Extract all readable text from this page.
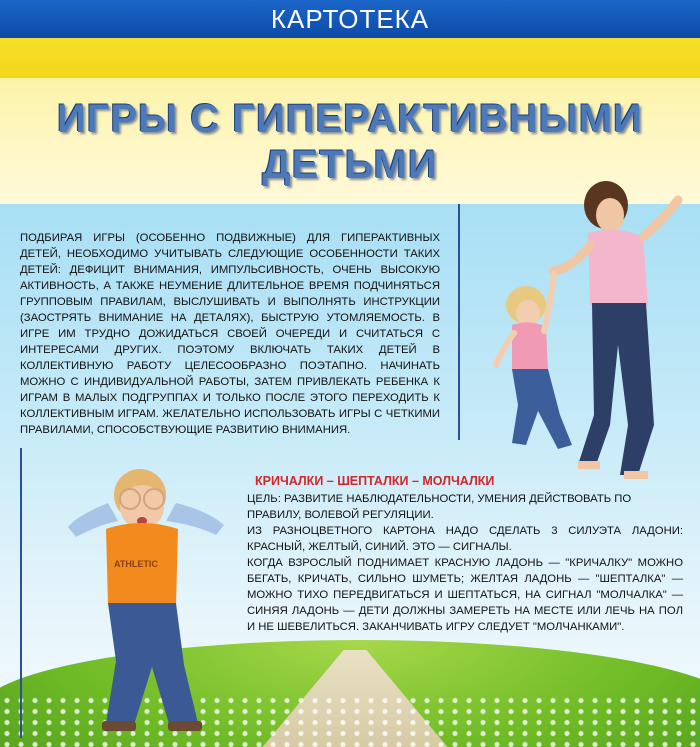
КАРТОТЕКА
ИГРЫ С ГИПЕРАКТИВНЫМИ
ДЕТЬМИ
ПОДБИРАЯ ИГРЫ (ОСОБЕННО ПОДВИЖНЫЕ) ДЛЯ ГИПЕРАКТИВНЫХ ДЕТЕЙ, НЕОБХОДИМО УЧИТЫВАТЬ СЛЕДУЮЩИЕ ОСОБЕННОСТИ ТАКИХ ДЕТЕЙ: ДЕФИЦИТ ВНИМАНИЯ, ИМПУЛЬСИВНОСТЬ, ОЧЕНЬ ВЫСОКУЮ АКТИВНОСТЬ, А ТАКЖЕ НЕУМЕНИЕ ДЛИТЕЛЬНОЕ ВРЕМЯ ПОДЧИНЯТЬСЯ ГРУППОВЫМ ПРАВИЛАМ, ВЫСЛУШИВАТЬ И ВЫПОЛНЯТЬ ИНСТРУКЦИИ (ЗАОСТРЯТЬ ВНИМАНИЕ НА ДЕТАЛЯХ), БЫСТРУЮ УТОМЛЯЕМОСТЬ. В ИГРЕ ИМ ТРУДНО ДОЖИДАТЬСЯ СВОЕЙ ОЧЕРЕДИ И СЧИТАТЬСЯ С ИНТЕРЕСАМИ ДРУГИХ. ПОЭТОМУ ВКЛЮЧАТЬ ТАКИХ ДЕТЕЙ В КОЛЛЕКТИВНУЮ РАБОТУ ЦЕЛЕСООБРАЗНО ПОЭТАПНО. НАЧИНАТЬ МОЖНО С ИНДИВИДУАЛЬНОЙ РАБОТЫ, ЗАТЕМ ПРИВЛЕКАТЬ РЕБЕНКА К ИГРАМ В МАЛЫХ ПОДГРУППАХ И ТОЛЬКО ПОСЛЕ ЭТОГО ПЕРЕХОДИТЬ К КОЛЛЕКТИВНЫМ ИГРАМ. ЖЕЛАТЕЛЬНО ИСПОЛЬЗОВАТЬ ИГРЫ С ЧЕТКИМИ ПРАВИЛАМИ, СПОСОБСТВУЮЩИЕ РАЗВИТИЮ ВНИМАНИЯ.
ATHLETIC
КРИЧАЛКИ – ШЕПТАЛКИ – МОЛЧАЛКИ
ЦЕЛЬ: РАЗВИТИЕ НАБЛЮДАТЕЛЬНОСТИ, УМЕНИЯ ДЕЙСТВОВАТЬ ПО ПРАВИЛУ, ВОЛЕВОЙ РЕГУЛЯЦИИ.
ИЗ РАЗНОЦВЕТНОГО КАРТОНА НАДО СДЕЛАТЬ 3 СИЛУЭТА ЛАДОНИ: КРАСНЫЙ, ЖЕЛТЫЙ, СИНИЙ. ЭТО — СИГНАЛЫ.
КОГДА ВЗРОСЛЫЙ ПОДНИМАЕТ КРАСНУЮ ЛАДОНЬ — "КРИЧАЛКУ" МОЖНО БЕГАТЬ, КРИЧАТЬ, СИЛЬНО ШУМЕТЬ; ЖЕЛТАЯ ЛАДОНЬ — "ШЕПТАЛКА" — МОЖНО ТИХО ПЕРЕДВИГАТЬСЯ И ШЕПТАТЬСЯ, НА СИГНАЛ "МОЛЧАЛКА" — СИНЯЯ ЛАДОНЬ — ДЕТИ ДОЛЖНЫ ЗАМЕРЕТЬ НА МЕСТЕ ИЛИ ЛЕЧЬ НА ПОЛ И НЕ ШЕВЕЛИТЬСЯ. ЗАКАНЧИВАТЬ ИГРУ СЛЕДУЕТ "МОЛЧАНКАМИ".
